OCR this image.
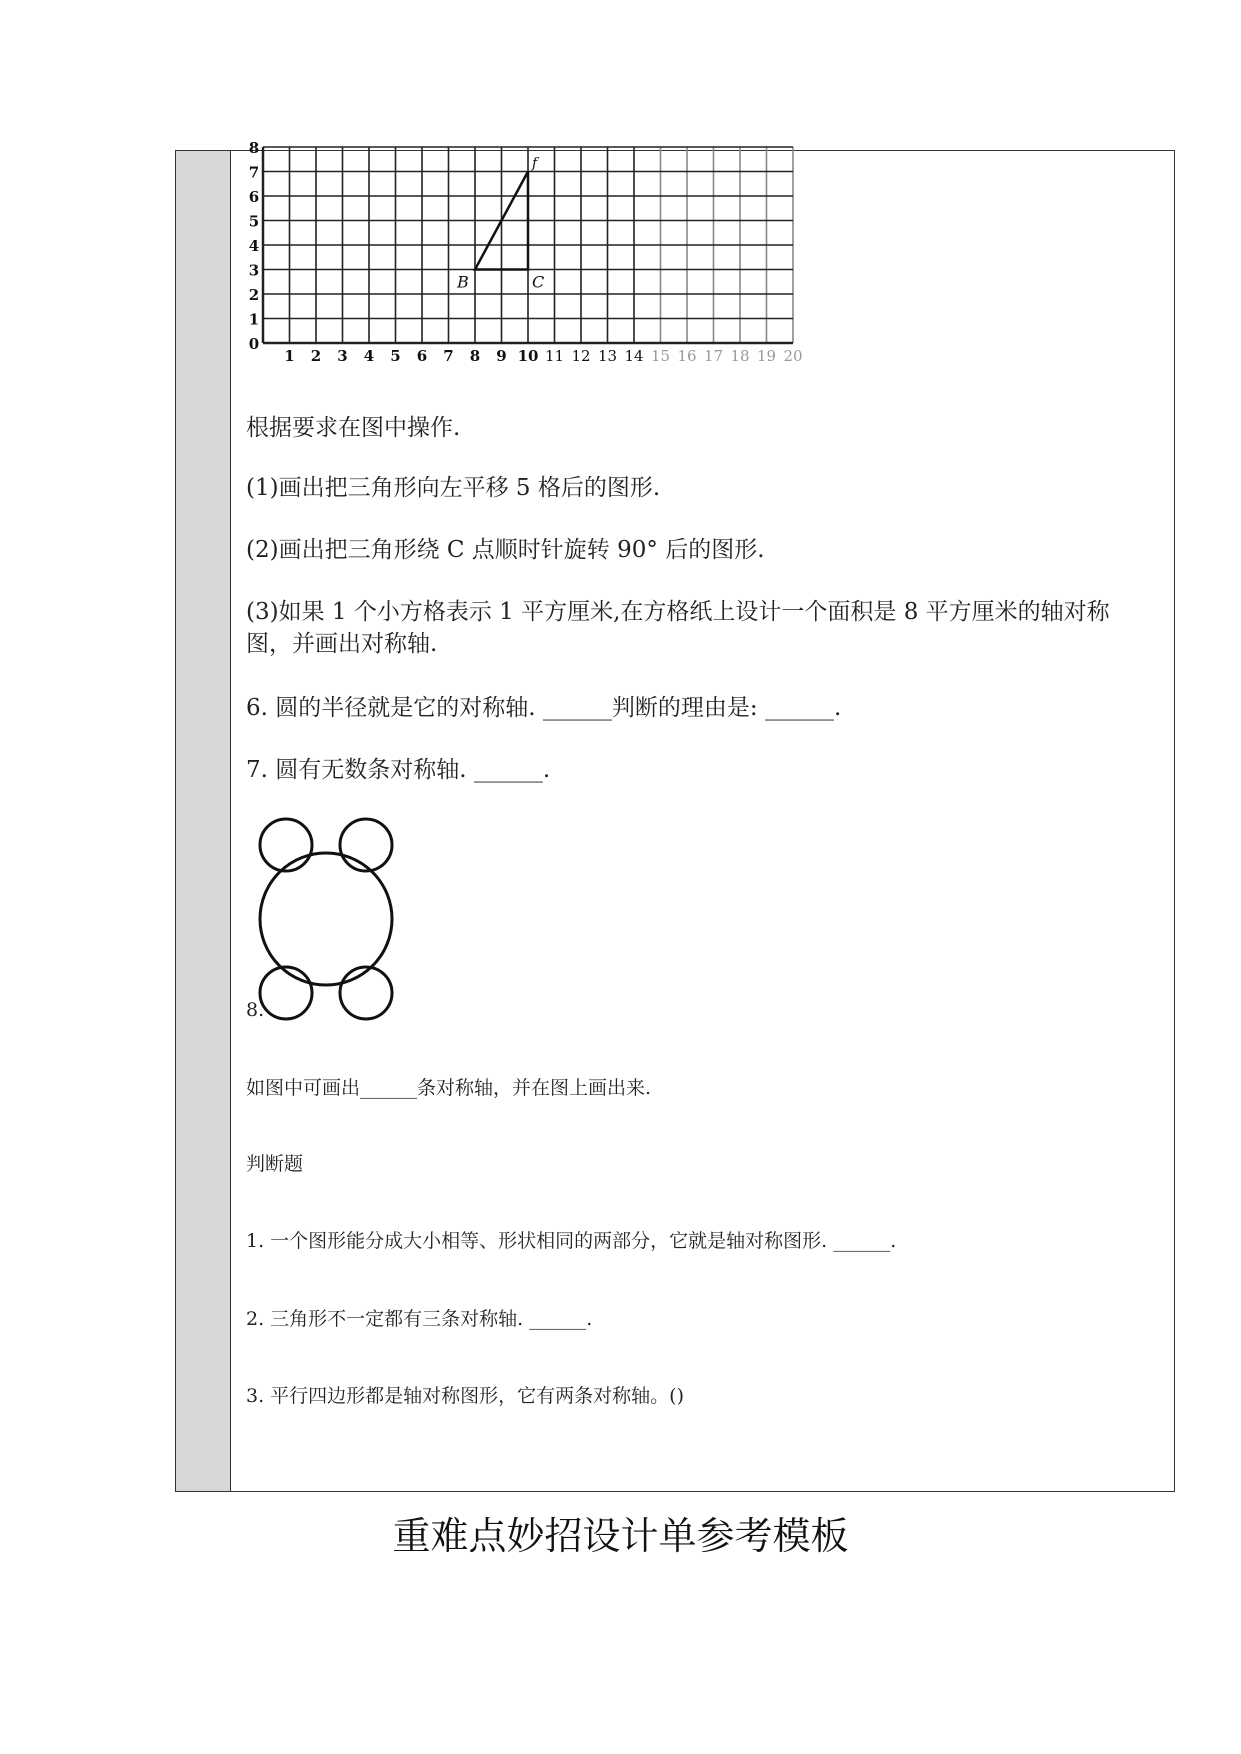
0
1
2
3
4
5
6
7
8
1 2 3 4 5 6 7 8 9 10 11 12 13 14 15 16 17 18 19 20
B	C
f
根据要求在图中操作.
(1)画出把三角形向左平移 5 格后的图形.
(2)画出把三角形绕 C 点顺时针旋转 90° 后的图形.
(3)如果 1 个小方格表示 1 平方厘米,在方格纸上设计一个面积是 8 平方厘米的轴对称
图，并画出对称轴.
6. 圆的半径就是它的对称轴. ______判断的理由是: ______.
7. 圆有无数条对称轴. ______.
8.
如图中可画出______条对称轴，并在图上画出来.
判断题
1. 一个图形能分成大小相等、形状相同的两部分，它就是轴对称图形. ______.
2. 三角形不一定都有三条对称轴. ______.
3. 平行四边形都是轴对称图形，它有两条对称轴。()
重难点妙招设计单参考模板
